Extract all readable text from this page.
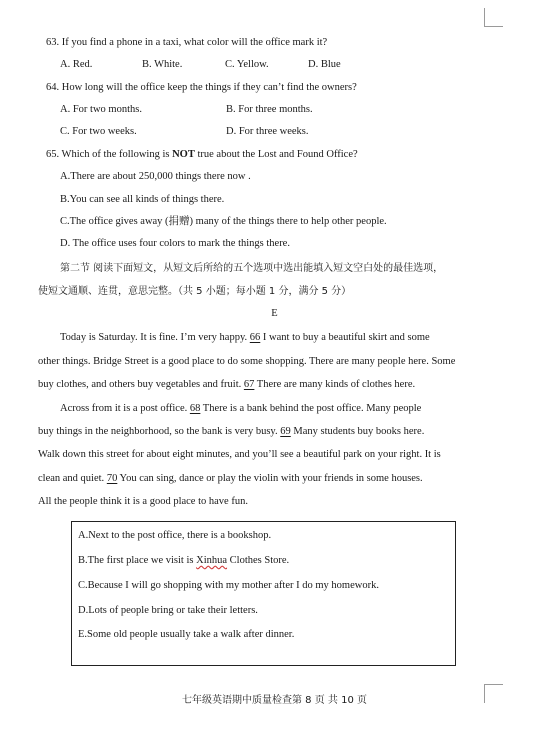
63. If you find a phone in a taxi, what color will the office mark it?
A. Red.	B. White.	C. Yellow.	D. Blue
64. How long will the office keep the things if they can’t find the owners?
A. For two months.	B. For three months.
C. For two weeks.	D. For three weeks.
65. Which of the following is NOT true about the Lost and Found Office?
A.There are about 250,000 things there now .
B.You can see all kinds of things there.
C.The office gives away (捐赠) many of the things there to help other people.
D. The office uses four colors to mark the things there.
第二节 阅读下面短文，从短文后所给的五个选项中选出能填入短文空白处的最佳选项，
使短文通顺、连贯，意思完整。（共 5 小题；每小题 1 分，满分 5 分）
E
Today is Saturday. It is fine. I’m very happy. 66 I want to buy a beautiful skirt and some
other things. Bridge Street is a good place to do some shopping. There are many people here. Some
buy clothes, and others buy vegetables and fruit. 67 There are many kinds of clothes here.
Across from it is a post office. 68 There is a bank behind the post office. Many people
buy things in the neighborhood, so the bank is very busy. 69 Many students buy books here.
Walk down this street for about eight minutes, and you’ll see a beautiful park on your right. It is
clean and quiet. 70 You can sing, dance or play the violin with your friends in some houses.
All the people think it is a good place to have fun.
A.Next to the post office, there is a bookshop.
B.The first place we visit is Xinhua Clothes Store.
C.Because I will go shopping with my mother after I do my homework.
D.Lots of people bring or take their letters.
E.Some old people usually take a walk after dinner.
七年级英语期中质量检查第 8 页 共 10 页
